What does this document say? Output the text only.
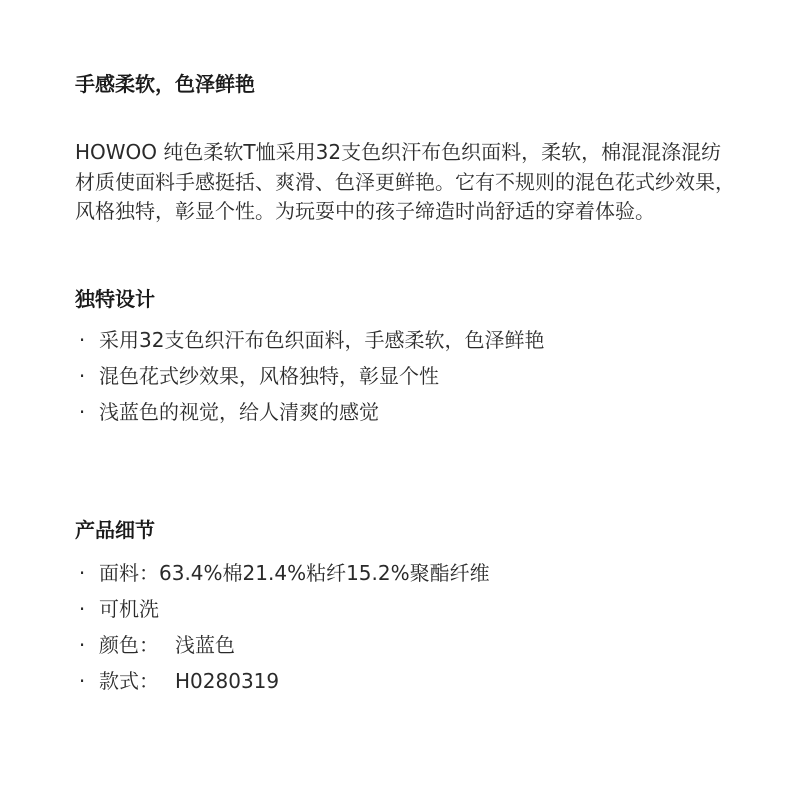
手感柔软，色泽鲜艳

HOWOO 纯色柔软T恤采用32支色织汗布色织面料，柔软，棉混混涤混纺材质使面料手感挺括、爽滑、色泽更鲜艳。它有不规则的混色花式纱效果，风格独特，彰显个性。为玩耍中的孩子缔造时尚舒适的穿着体验。

独特设计
· 采用32支色织汗布色织面料，手感柔软，色泽鲜艳
· 混色花式纱效果，风格独特，彰显个性
· 浅蓝色的视觉，给人清爽的感觉
产品细节
· 面料：63.4%棉21.4%粘纤15.2%聚酯纤维
· 可机洗
· 颜色： 浅蓝色
· 款式： H0280319
